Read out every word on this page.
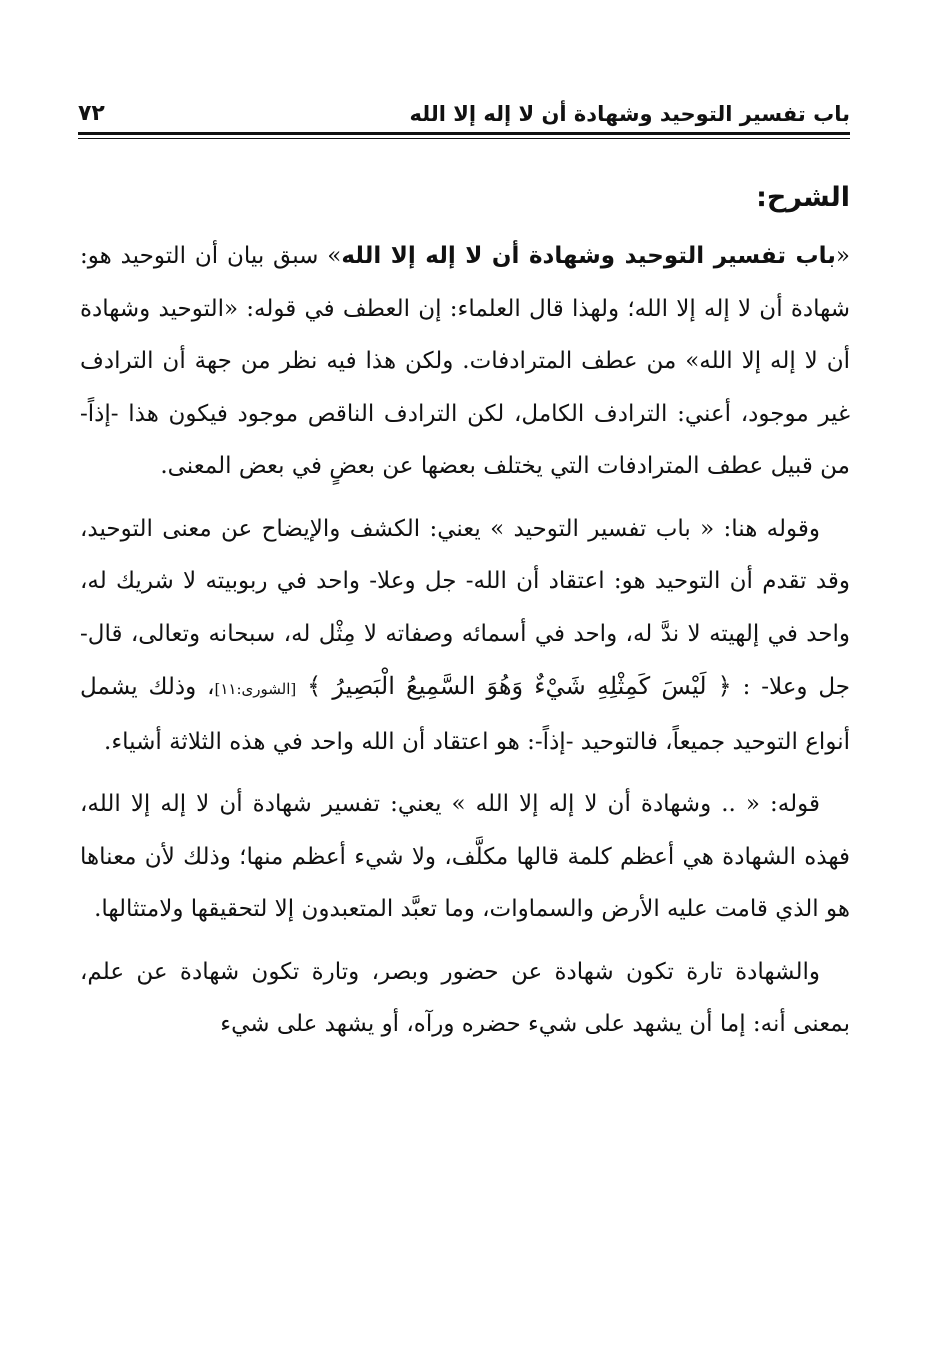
باب تفسير التوحيد وشهادة أن لا إله إلا الله
٧٢
الشرح:

«باب تفسير التوحيد وشهادة أن لا إله إلا الله» سبق بيان أن التوحيد هو: شهادة أن لا إله إلا الله؛ ولهذا قال العلماء: إن العطف في قوله: «التوحيد وشهادة أن لا إله إلا الله» من عطف المترادفات. ولكن هذا فيه نظر من جهة أن الترادف غير موجود، أعني: الترادف الكامل، لكن الترادف الناقص موجود فيكون هذا -إذاً- من قبيل عطف المترادفات التي يختلف بعضها عن بعضٍ في بعض المعنى.

وقوله هنا: « باب تفسير التوحيد » يعني: الكشف والإيضاح عن معنى التوحيد، وقد تقدم أن التوحيد هو: اعتقاد أن الله- جل وعلا- واحد في ربوبيته لا شريك له، واحد في إلهيته لا ندَّ له، واحد في أسمائه وصفاته لا مِثْل له، سبحانه وتعالى، قال- جل وعلا- : ﴿ لَيْسَ كَمِثْلِهِ شَيْءٌ وَهُوَ السَّمِيعُ الْبَصِيرُ ﴾ [الشورى:١١]، وذلك يشمل أنواع التوحيد جميعاً، فالتوحيد -إذاً-: هو اعتقاد أن الله واحد في هذه الثلاثة أشياء.

قوله: « .. وشهادة أن لا إله إلا الله » يعني: تفسير شهادة أن لا إله إلا الله، فهذه الشهادة هي أعظم كلمة قالها مكلَّف، ولا شيء أعظم منها؛ وذلك لأن معناها هو الذي قامت عليه الأرض والسماوات، وما تعبَّد المتعبدون إلا لتحقيقها ولامتثالها.

والشهادة تارة تكون شهادة عن حضور وبصر، وتارة تكون شهادة عن علم، بمعنى أنه: إما أن يشهد على شيء حضره ورآه، أو يشهد على شيء
